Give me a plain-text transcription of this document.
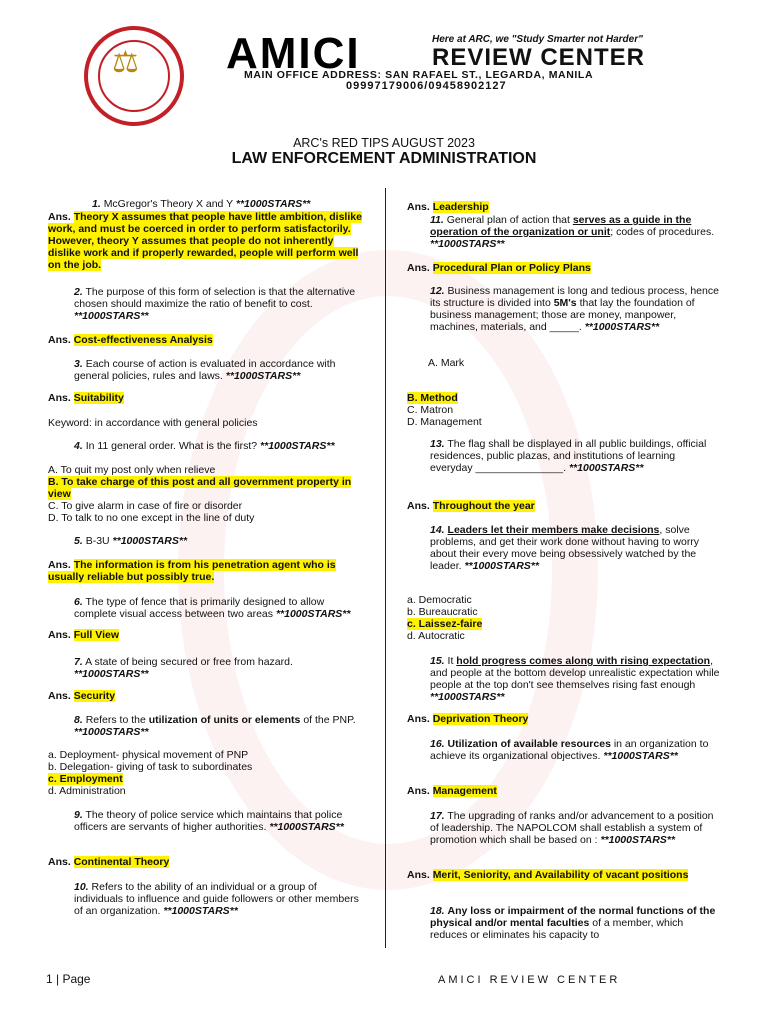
⚖ AMICI	Here at ARC, we "Study Smarter not Harder"
REVIEW CENTER
MAIN OFFICE ADDRESS: SAN RAFAEL ST., LEGARDA, MANILA
09997179006/09458902127
ARC's RED TIPS AUGUST 2023
LAW ENFORCEMENT ADMINISTRATION
1. McGregor's Theory X and Y **1000STARS**
Ans. Theory X assumes that people have little ambition, dislike work, and must be coerced in order to perform satisfactorily. However, theory Y assumes that people do not inherently dislike work and if properly rewarded, people will perform well on the job.
2. The purpose of this form of selection is that the alternative chosen should maximize the ratio of benefit to cost. **1000STARS**
Ans. Cost-effectiveness Analysis
3. Each course of action is evaluated in accordance with general policies, rules and laws. **1000STARS**
Ans. Suitability
Keyword: in accordance with general policies
4. In 11 general order. What is the first? **1000STARS**
A. To quit my post only when relieve
B. To take charge of this post and all government property in view
C. To give alarm in case of fire or disorder
D. To talk to no one except in the line of duty
5. B-3U **1000STARS**
Ans. The information is from his penetration agent who is usually reliable but possibly true.
6. The type of fence that is primarily designed to allow complete visual access between two areas **1000STARS**
Ans. Full View
7. A state of being secured or free from hazard. **1000STARS**
Ans. Security
8. Refers to the utilization of units or elements of the PNP. **1000STARS**
a. Deployment- physical movement of PNP
b. Delegation- giving of task to subordinates
c. Employment
d. Administration
9. The theory of police service which maintains that police officers are servants of higher authorities. **1000STARS**
Ans. Continental Theory
10. Refers to the ability of an individual or a group of individuals to influence and guide followers or other members of an organization. **1000STARS**
Ans. Leadership
11. General plan of action that serves as a guide in the operation of the organization or unit; codes of procedures. **1000STARS**
Ans. Procedural Plan or Policy Plans
12. Business management is long and tedious process, hence its structure is divided into 5M's that lay the foundation of business management; those are money, manpower, machines, materials, and _____. **1000STARS**
A. Mark
B. Method
C. Matron
D. Management
13. The flag shall be displayed in all public buildings, official residences, public plazas, and institutions of learning everyday _______________. **1000STARS**
Ans. Throughout the year
14. Leaders let their members make decisions, solve problems, and get their work done without having to worry about their every move being obsessively watched by the leader. **1000STARS**
a. Democratic
b. Bureaucratic
c. Laissez-faire
d. Autocratic
15. It hold progress comes along with rising expectation, and people at the bottom develop unrealistic expectation while people at the top don't see themselves rising fast enough **1000STARS**
Ans. Deprivation Theory
16. Utilization of available resources in an organization to achieve its organizational objectives. **1000STARS**
Ans. Management
17. The upgrading of ranks and/or advancement to a position of leadership. The NAPOLCOM shall establish a system of promotion which shall be based on : **1000STARS**
Ans. Merit, Seniority, and Availability of vacant positions
18. Any loss or impairment of the normal functions of the physical and/or mental faculties of a member, which reduces or eliminates his capacity to
1 | Page	AMICI REVIEW CENTER
